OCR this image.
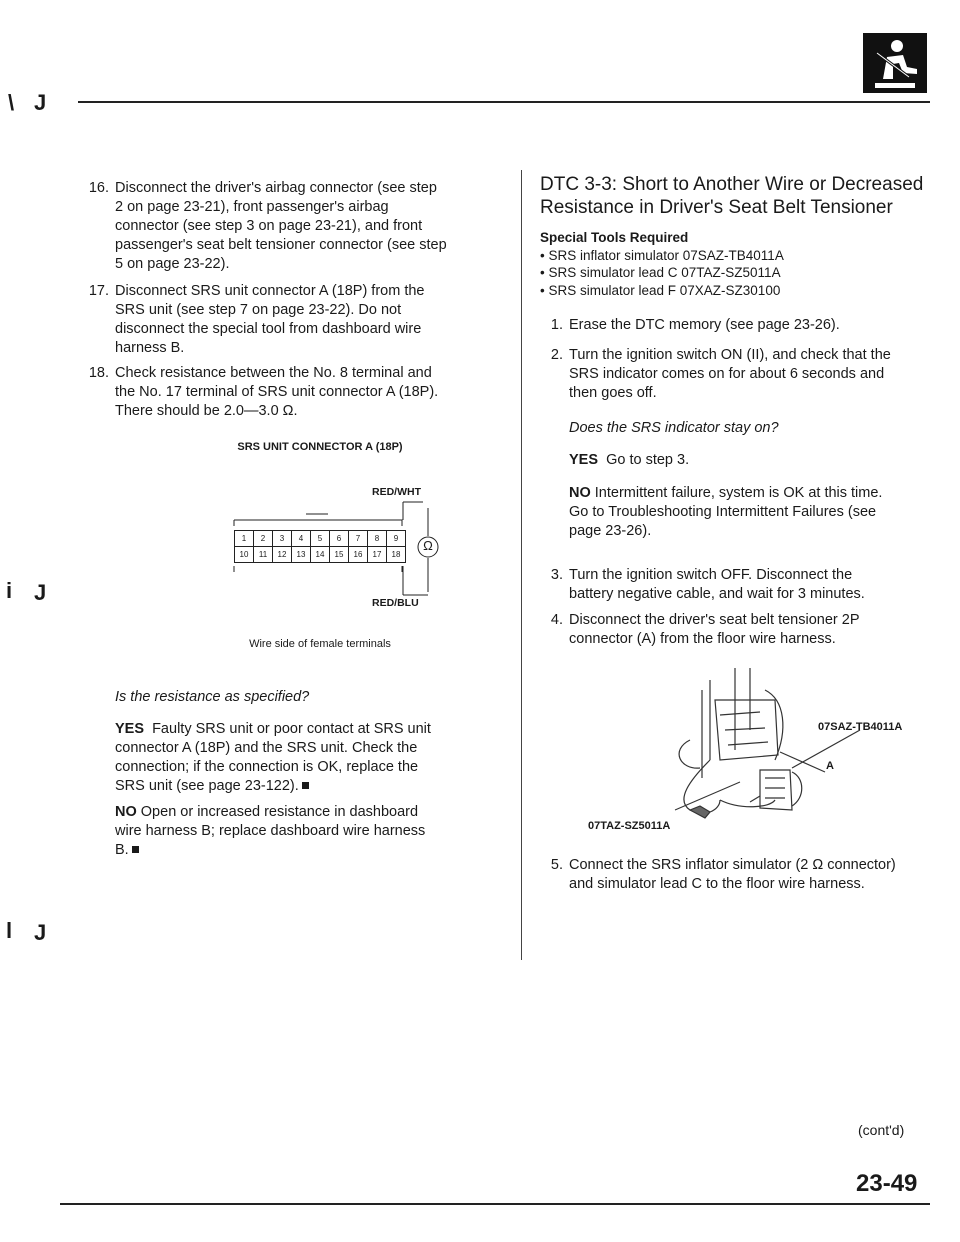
\ J
i J
l J
16. Disconnect the driver's airbag connector (see step
2 on page 23-21), front passenger's airbag
connector (see step 3 on page 23-21), and front
passenger's seat belt tensioner connector (see step
5 on page 23-22).
17. Disconnect SRS unit connector A (18P) from the
SRS unit (see step 7 on page 23-22). Do not
disconnect the special tool from dashboard wire
harness B.
18. Check resistance between the No. 8 terminal and
the No. 17 terminal of SRS unit connector A (18P).
There should be 2.0—3.0 Ω.
SRS UNIT CONNECTOR A (18P)
RED/WHT
RED/BLU
1	2	3	4	5	6	7	8	9
10	11	12	13	14	15	16	17	18
Ω
Wire side of female terminals
Is the resistance as specified?
YES Faulty SRS unit or poor contact at SRS unit
connector A (18P) and the SRS unit. Check the
connection; if the connection is OK, replace the
SRS unit (see page 23-122).
NO Open or increased resistance in dashboard
wire harness B; replace dashboard wire harness
B.
DTC 3-3: Short to Another Wire or Decreased
Resistance in Driver's Seat Belt Tensioner
Special Tools Required
• SRS inflator simulator 07SAZ-TB4011A
• SRS simulator lead C 07TAZ-SZ5011A
• SRS simulator lead F 07XAZ-SZ30100
1. Erase the DTC memory (see page 23-26).
2. Turn the ignition switch ON (II), and check that the
SRS indicator comes on for about 6 seconds and
then goes off.
Does the SRS indicator stay on?
YES Go to step 3.
NO Intermittent failure, system is OK at this time.
Go to Troubleshooting Intermittent Failures (see
page 23-26).
3. Turn the ignition switch OFF. Disconnect the
battery negative cable, and wait for 3 minutes.
4. Disconnect the driver's seat belt tensioner 2P
connector (A) from the floor wire harness.
A
07SAZ-TB4011A
07TAZ-SZ5011A
5. Connect the SRS inflator simulator (2 Ω connector)
and simulator lead C to the floor wire harness.
(cont'd)
23-49
